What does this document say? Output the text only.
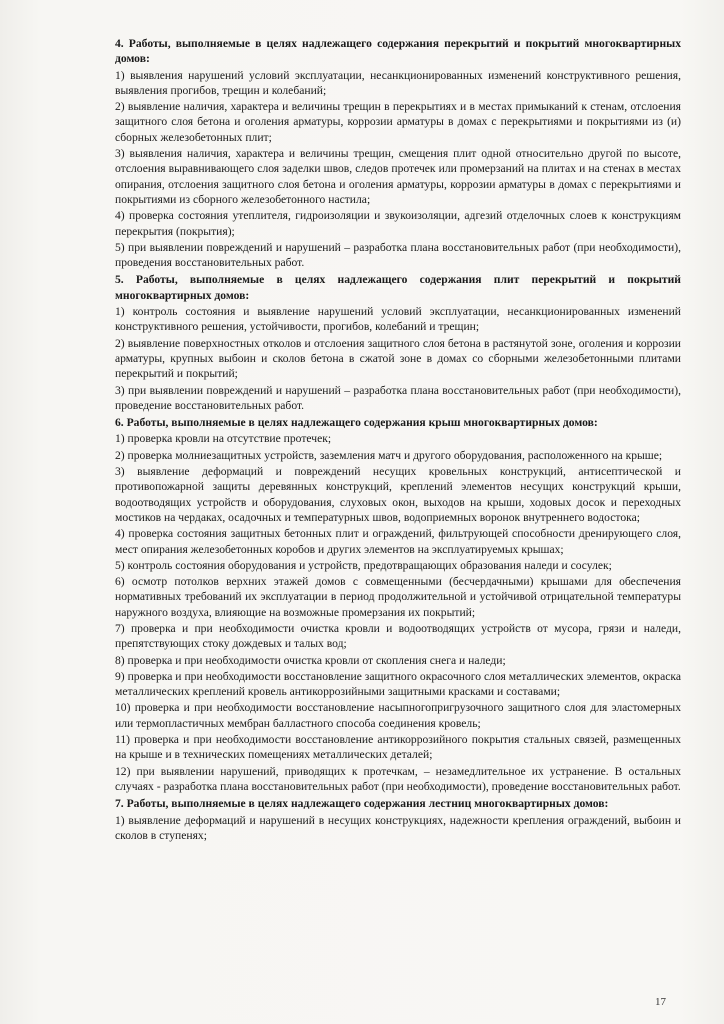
4. Работы, выполняемые в целях надлежащего содержания перекрытий и покрытий многоквартирных домов:

1) выявления нарушений условий эксплуатации, несанкционированных изменений конструктивного решения, выявления прогибов, трещин и колебаний;

2) выявление наличия, характера и величины трещин в перекрытиях и в местах примыканий к стенам, отслоения защитного слоя бетона и оголения арматуры, коррозии арматуры в домах с перекрытиями и покрытиями из (и) сборных железобетонных плит;

3) выявления наличия, характера и величины трещин, смещения плит одной относительно другой по высоте, отслоения выравнивающего слоя заделки швов, следов протечек или промерзаний на плитах и на стенах в местах опирания, отслоения защитного слоя бетона и оголения арматуры, коррозии арматуры в домах с перекрытиями и покрытиями из сборного железобетонного настила;

4) проверка состояния утеплителя, гидроизоляции и звукоизоляции, адгезий отделочных слоев к конструкциям перекрытия (покрытия);

5) при выявлении повреждений и нарушений – разработка плана восстановительных работ (при необходимости), проведения восстановительных работ.

5. Работы, выполняемые в целях надлежащего содержания плит перекрытий и покрытий многоквартирных домов:

1) контроль состояния и выявление нарушений условий эксплуатации, несанкционированных изменений конструктивного решения, устойчивости, прогибов, колебаний и трещин;

2) выявление поверхностных отколов и отслоения защитного слоя бетона в растянутой зоне, оголения и коррозии арматуры, крупных выбоин и сколов бетона в сжатой зоне в домах со сборными железобетонными плитами перекрытий и покрытий;

3) при выявлении повреждений и нарушений – разработка плана восстановительных работ (при необходимости), проведение восстановительных работ.

6. Работы, выполняемые в целях надлежащего содержания крыш многоквартирных домов:

1) проверка кровли на отсутствие протечек;

2) проверка молниезащитных устройств, заземления матч и другого оборудования, расположенного на крыше;

3) выявление деформаций и повреждений несущих кровельных конструкций, антисептической и противопожарной защиты деревянных конструкций, креплений элементов несущих конструкций крыши, водоотводящих устройств и оборудования, слуховых окон, выходов на крыши, ходовых досок и переходных мостиков на чердаках, осадочных и температурных швов, водоприемных воронок внутреннего водостока;

4) проверка состояния защитных бетонных плит и ограждений, фильтрующей способности дренирующего слоя, мест опирания железобетонных коробов и других элементов на эксплуатируемых крышах;

5) контроль состояния оборудования и устройств, предотвращающих образования наледи и сосулек;

6) осмотр потолков верхних этажей домов с совмещенными (бесчердачными) крышами для обеспечения нормативных требований их эксплуатации в период продолжительной и устойчивой отрицательной температуры наружного воздуха, влияющие на возможные промерзания их покрытий;

7) проверка и при необходимости очистка кровли и водоотводящих устройств от мусора, грязи и наледи, препятствующих стоку дождевых и талых вод;

8) проверка и при необходимости очистка кровли от скопления снега и наледи;

9) проверка и при необходимости восстановление защитного окрасочного слоя металлических элементов, окраска металлических креплений кровель антикоррозийными защитными красками и составами;

10) проверка и при необходимости восстановление насыпногопригрузочного защитного слоя для эластомерных или термопластичных мембран балластного способа соединения кровель;

11) проверка и при необходимости восстановление антикоррозийного покрытия стальных связей, размещенных на крыше и в технических помещениях металлических деталей;

12) при выявлении нарушений, приводящих к протечкам, – незамедлительное их устранение. В остальных случаях - разработка плана восстановительных работ (при необходимости), проведение восстановительных работ.

7. Работы, выполняемые в целях надлежащего содержания лестниц многоквартирных домов:

1) выявление деформаций и нарушений в несущих конструкциях, надежности крепления ограждений, выбоин и сколов в ступенях;

17
